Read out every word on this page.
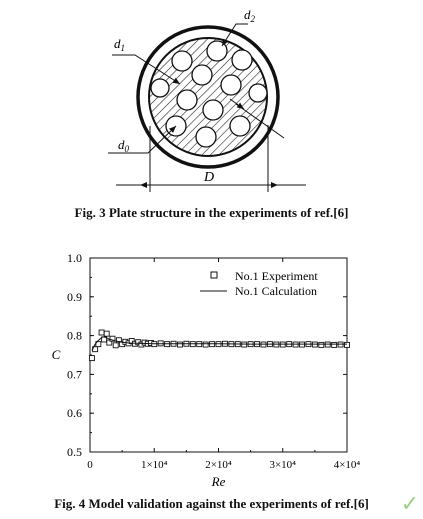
$d_2$
$d_1$
$d_0$
D
Fig. 3 Plate structure in the experiments of ref.[6]
0.5
0.6
0.7
0.8
0.9
1.0
0	1×10⁴	2×10⁴	3×10⁴	4×10⁴
No.1 Experiment
No.1 Calculation
Re
C
Fig. 4 Model validation against the experiments of ref.[6]	✓
